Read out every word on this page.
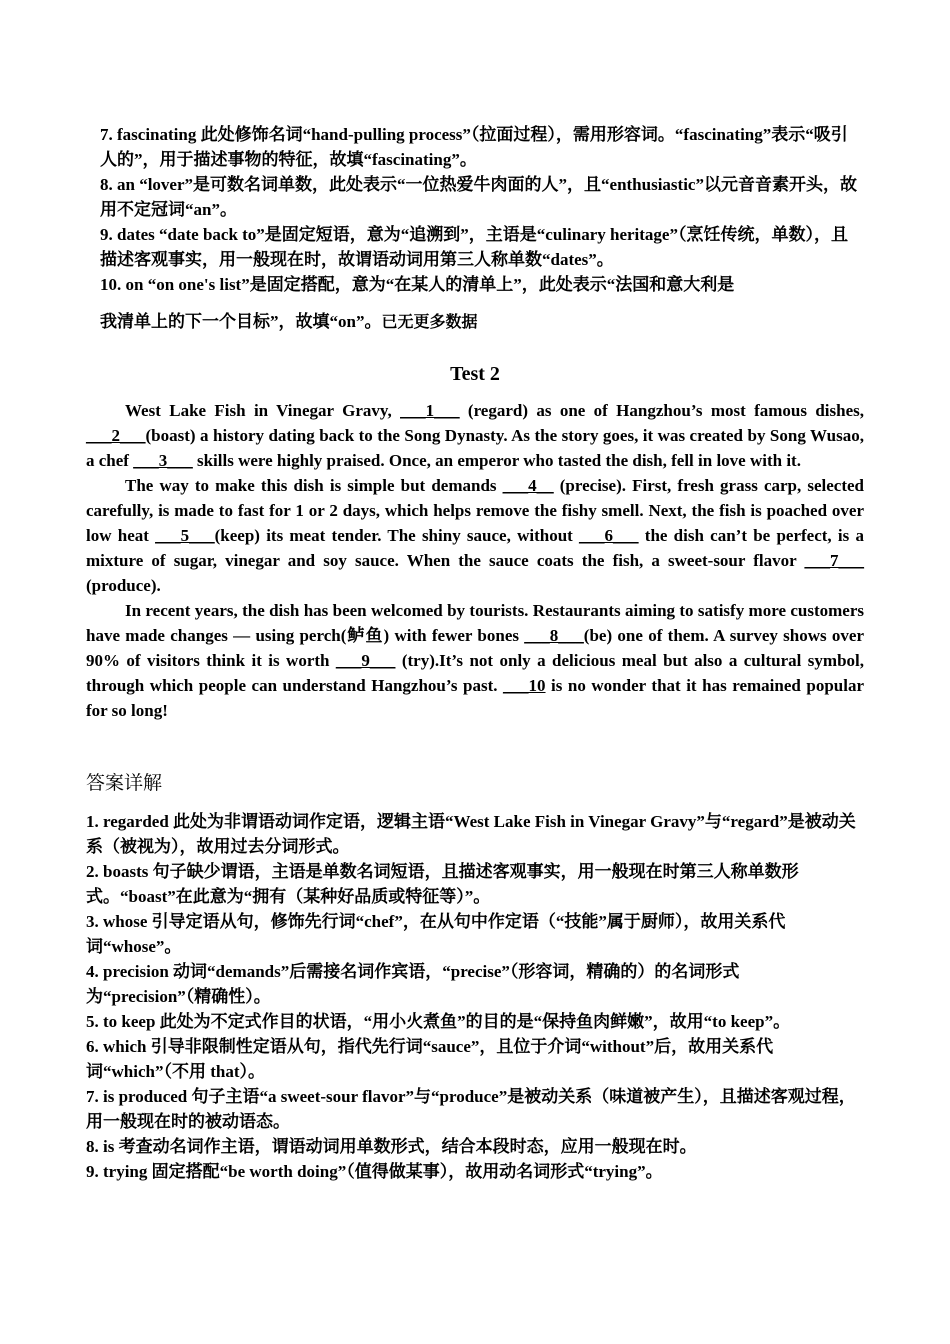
7. fascinating 此处修饰名词“hand-pulling process”（拉面过程），需用形容词。“fascinating”表示“吸引人的”，用于描述事物的特征，故填“fascinating”。

8. an “lover”是可数名词单数，此处表示“一位热爱牛肉面的人”，且“enthusiastic”以元音音素开头，故用不定冠词“an”。

9. dates “date back to”是固定短语，意为“追溯到”，主语是“culinary heritage”（烹饪传统，单数），且描述客观事实，用一般现在时，故谓语动词用第三人称单数“dates”。

10. on “on one's list”是固定搭配，意为“在某人的清单上”，此处表示“法国和意大利是

我清单上的下一个目标”，故填“on”。已无更多数据

Test 2

West Lake Fish in Vinegar Gravy, ___1___ (regard) as one of Hangzhou’s most famous dishes, ___2___(boast) a history dating back to the Song Dynasty. As the story goes, it was created by Song Wusao, a chef ___3___ skills were highly praised. Once, an emperor who tasted the dish, fell in love with it.

The way to make this dish is simple but demands ___4__ (precise). First, fresh grass carp, selected carefully, is made to fast for 1 or 2 days, which helps remove the fishy smell. Next, the fish is poached over low heat ___5___(keep) its meat tender. The shiny sauce, without ___6___ the dish can’t be perfect, is a mixture of sugar, vinegar and soy sauce. When the sauce coats the fish, a sweet-sour flavor ___7___ (produce).

In recent years, the dish has been welcomed by tourists. Restaurants aiming to satisfy more customers have made changes — using perch(鲈鱼) with fewer bones ___8___(be) one of them. A survey shows over 90% of visitors think it is worth ___9___ (try).It’s not only a delicious meal but also a cultural symbol, through which people can understand Hangzhou’s past. ___10 is no wonder that it has remained popular for so long!

答案详解

1. regarded 此处为非谓语动词作定语，逻辑主语“West Lake Fish in Vinegar Gravy”与“regard”是被动关系（被视为），故用过去分词形式。

2. boasts 句子缺少谓语，主语是单数名词短语，且描述客观事实，用一般现在时第三人称单数形式。“boast”在此意为“拥有（某种好品质或特征等）”。

3. whose 引导定语从句，修饰先行词“chef”，在从句中作定语（“技能”属于厨师），故用关系代词“whose”。

4. precision 动词“demands”后需接名词作宾语，“precise”（形容词，精确的）的名词形式为“precision”（精确性）。

5. to keep 此处为不定式作目的状语，“用小火煮鱼”的目的是“保持鱼肉鲜嫩”，故用“to keep”。

6. which 引导非限制性定语从句，指代先行词“sauce”，且位于介词“without”后，故用关系代词“which”（不用 that）。

7. is produced 句子主语“a sweet-sour flavor”与“produce”是被动关系（味道被产生），且描述客观过程，用一般现在时的被动语态。

8. is 考查动名词作主语，谓语动词用单数形式，结合本段时态，应用一般现在时。

9. trying 固定搭配“be worth doing”（值得做某事），故用动名词形式“trying”。
